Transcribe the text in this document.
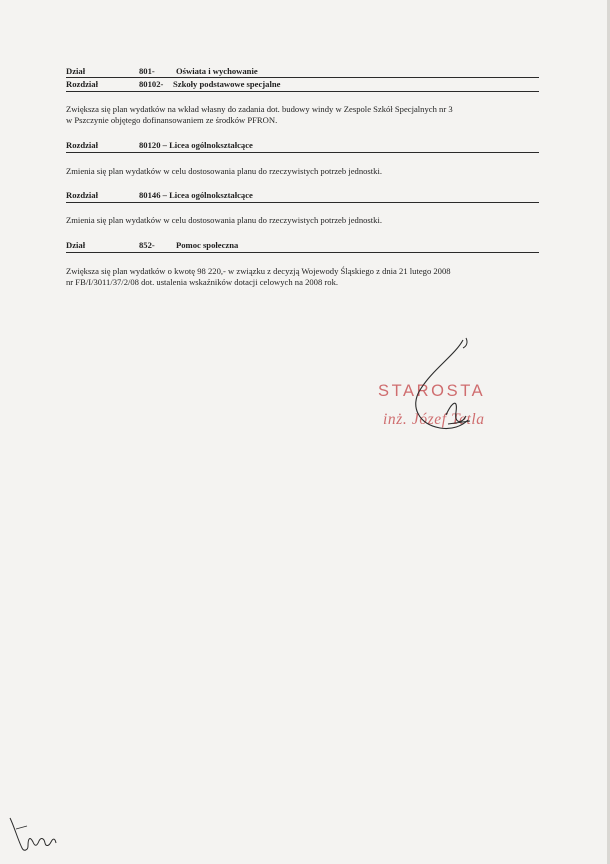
Dział	801- Oświata i wychowanie
Rozdział	80102- Szkoły podstawowe specjalne
Zwiększa się plan wydatków na wkład własny do zadania dot. budowy windy w Zespole Szkół Specjalnych nr 3
w Pszczynie objętego dofinansowaniem ze środków PFRON.
Rozdział	80120 – Licea ogólnokształcące
Zmienia się plan wydatków w celu dostosowania planu do rzeczywistych potrzeb jednostki.
Rozdział	80146 – Licea ogólnokształcące
Zmienia się plan wydatków w celu dostosowania planu do rzeczywistych potrzeb jednostki.
Dział	852- Pomoc społeczna
Zwiększa się plan wydatków o kwotę 98 220,- w związku z decyzją Wojewody Śląskiego z dnia 21 lutego 2008
nr FB/I/3011/37/2/08 dot. ustalenia wskaźników dotacji celowych na 2008 rok.
STAROSTA
inż. Józef Tetla
